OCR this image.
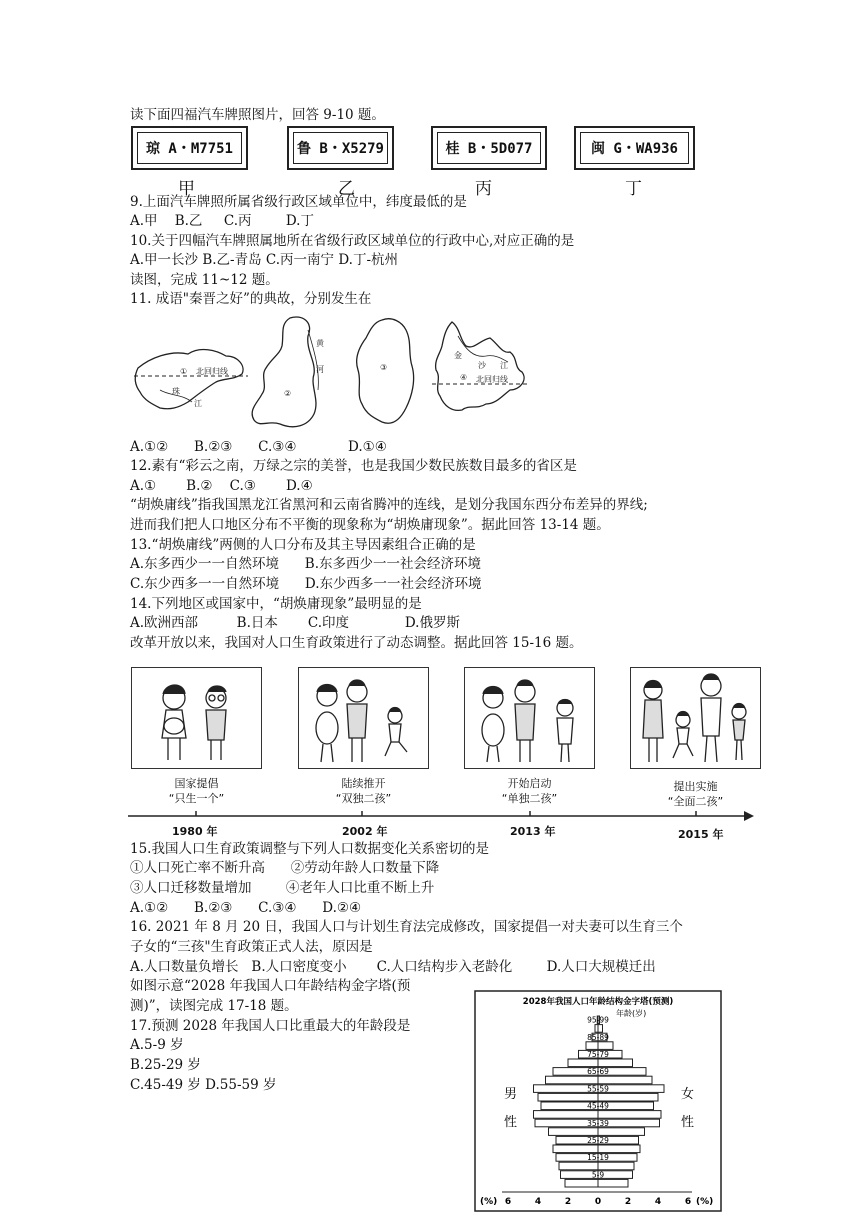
读下面四福汽车牌照图片，回答 9-10 题。
琼 A・M7751	鲁 B・X5279	桂 B・5D077	闽 G・WA936
甲	乙	丙	丁
9.上面汽车牌照所属省级行政区域单位中，纬度最低的是
A.甲    B.乙     C.丙        D.丁
10.关于四幅汽车牌照属地所在省级行政区域单位的行政中心,对应正确的是
A.甲一长沙 B.乙-青岛 C.丙一南宁 D.丁-杭州
读图，完成 11~12 题。
11. 成语"秦晋之好”的典故，分别发生在
① 北回归线
珠
江
黄
河
②
③
金
沙 江
④ 北回归线
A.①②      B.②③      C.③④            D.①④
12.素有“彩云之南，万绿之宗的美誉，也是我国少数民族数目最多的省区是
A.①       B.②    C.③       D.④
“胡焕庸线”指我国黑龙江省黑河和云南省腾冲的连线，是划分我国东西分布差异的界线;
进而我们把人口地区分布不平衡的现象称为“胡焕庸现象”。据此回答 13-14 题。
13.“胡焕庸线”两侧的人口分布及其主导因素组合正确的是
A.东多西少一一自然环境      B.东多西少一一社会经济环境
C.东少西多一一自然环境      D.东少西多一一社会经济环境
14.下列地区或国家中，“胡焕庸现象”最明显的是
A.欧洲西部         B.日本       C.印度             D.俄罗斯
改革开放以来，我国对人口生育政策进行了动态调整。据此回答 15-16 题。
国家提倡
“只生一个”
陆续推开
“双独二孩”
开始启动
“单独二孩”
提出实施
“全面二孩”
1980 年	2002 年	2013 年	2015 年
15.我国人口生育政策调整与下列人口数据变化关系密切的是
①人口死亡率不断升高      ②劳动年龄人口数量下降
③人口迁移数量增加        ④老年人口比重不断上升
A.①②      B.②③      C.③④      D.②④
16. 2021 年 8 月 20 日，我国人口与计划生育法完成修改，国家提倡一对夫妻可以生育三个
子女的“三孩"生育政策正式人法，原因是
A.人口数量负增长   B.人口密度变小       C.人口结构步入老龄化        D.人口大规模迁出
如图示意“2028 年我国人口年龄结构金字塔(预
测)”，读图完成 17-18 题。
17.预测 2028 年我国人口比重最大的年龄段是
A.5-9 岁
B.25-29 岁
C.45-49 岁 D.55-59 岁
2028年我国人口年龄结构金字塔(预测)
年龄(岁)
男
性
女
性
5-9
15-19
25-29
35-39
45-49
55-59
65-69
75-79
85-89
95-99
(%)	(%)
6	4	2	0	2	4	6
